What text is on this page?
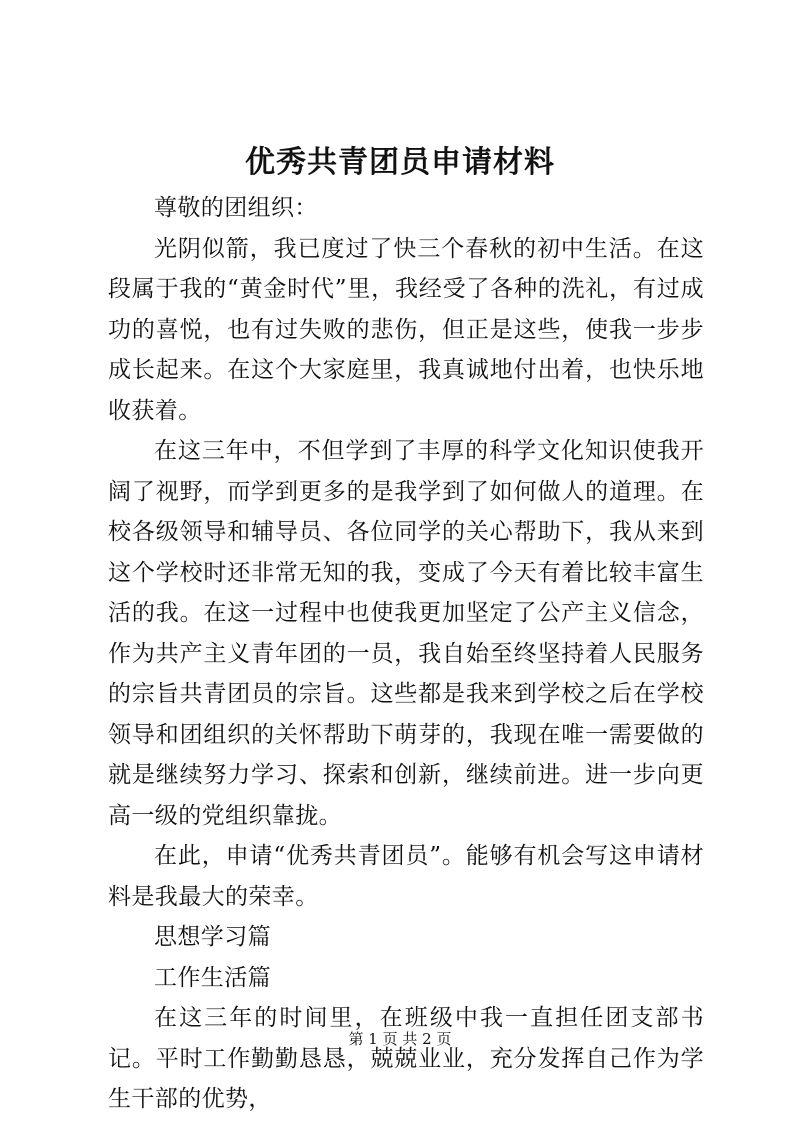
优秀共青团员申请材料

尊敬的团组织：

光阴似箭，我已度过了快三个春秋的初中生活。在这段属于我的“黄金时代”里，我经受了各种的洗礼，有过成功的喜悦，也有过失败的悲伤，但正是这些，使我一步步成长起来。在这个大家庭里，我真诚地付出着，也快乐地收获着。

在这三年中，不但学到了丰厚的科学文化知识使我开阔了视野，而学到更多的是我学到了如何做人的道理。在校各级领导和辅导员、各位同学的关心帮助下，我从来到这个学校时还非常无知的我，变成了今天有着比较丰富生活的我。在这一过程中也使我更加坚定了公产主义信念，作为共产主义青年团的一员，我自始至终坚持着人民服务的宗旨共青团员的宗旨。这些都是我来到学校之后在学校领导和团组织的关怀帮助下萌芽的，我现在唯一需要做的就是继续努力学习、探索和创新，继续前进。进一步向更高一级的党组织靠拢。

在此，申请“优秀共青团员”。能够有机会写这申请材料是我最大的荣幸。

思想学习篇

工作生活篇

在这三年的时间里，在班级中我一直担任团支部书记。平时工作勤勤恳恳，兢兢业业，充分发挥自己作为学生干部的优势，

第 1 页 共 2 页
